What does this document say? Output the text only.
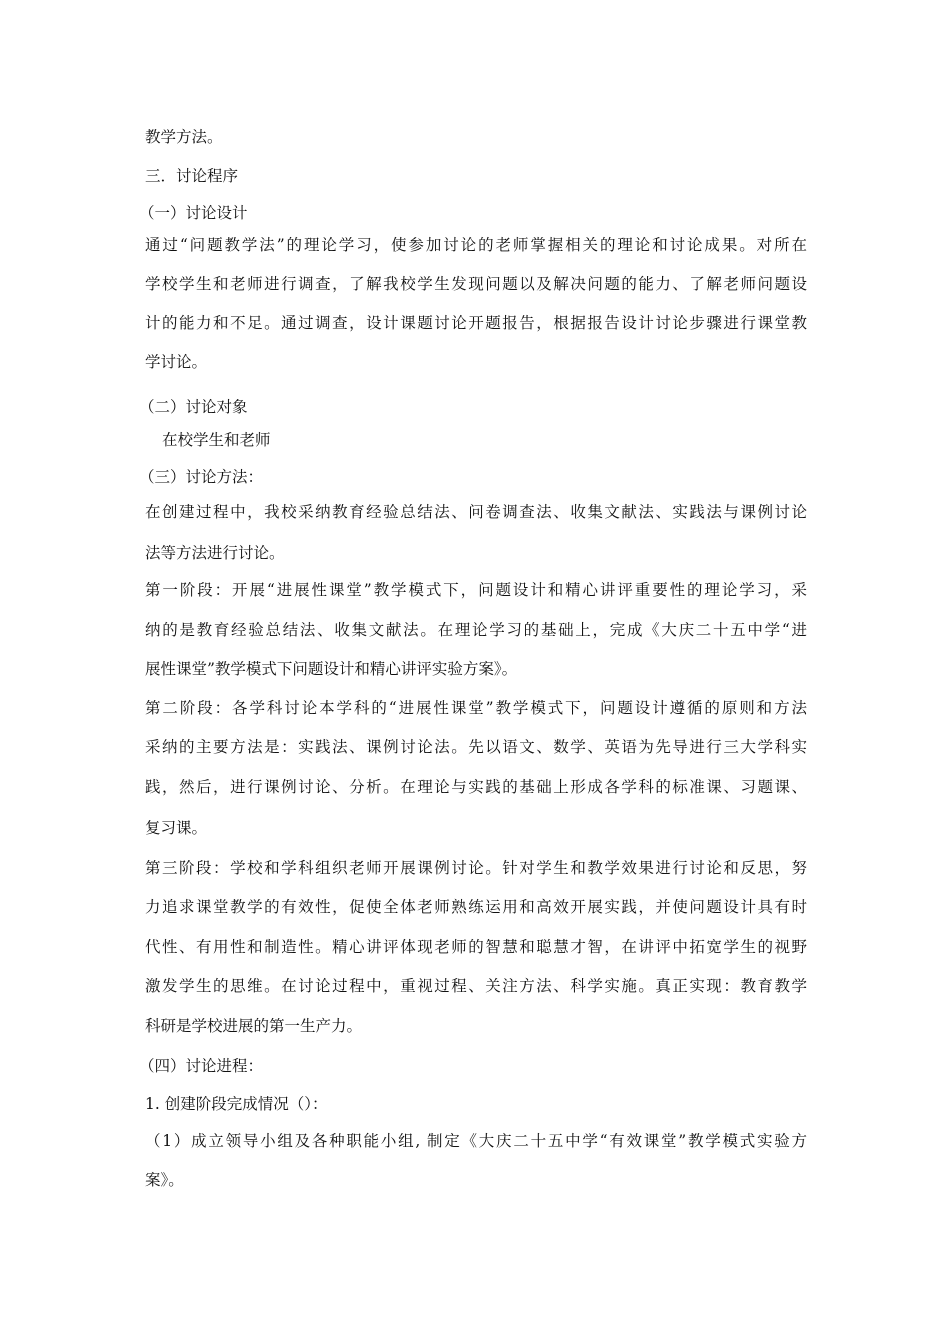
教学方法。

三．讨论程序

（一）讨论设计

通过“问题教学法”的理论学习，使参加讨论的老师掌握相关的理论和讨论成果。对所在

学校学生和老师进行调查，了解我校学生发现问题以及解决问题的能力、了解老师问题设

计的能力和不足。通过调查，设计课题讨论开题报告，根据报告设计讨论步骤进行课堂教

学讨论。

（二）讨论对象

在校学生和老师

（三）讨论方法：

在创建过程中，我校采纳教育经验总结法、问卷调查法、收集文献法、实践法与课例讨论

法等方法进行讨论。

第一阶段：开展“进展性课堂”教学模式下，问题设计和精心讲评重要性的理论学习，采

纳的是教育经验总结法、收集文献法。在理论学习的基础上，完成《大庆二十五中学“进

展性课堂”教学模式下问题设计和精心讲评实验方案》。

第二阶段：各学科讨论本学科的“进展性课堂”教学模式下，问题设计遵循的原则和方法

采纳的主要方法是：实践法、课例讨论法。先以语文、数学、英语为先导进行三大学科实

践，然后，进行课例讨论、分析。在理论与实践的基础上形成各学科的标准课、习题课、

复习课。

第三阶段：学校和学科组织老师开展课例讨论。针对学生和教学效果进行讨论和反思，努

力追求课堂教学的有效性，促使全体老师熟练运用和高效开展实践，并使问题设计具有时

代性、有用性和制造性。精心讲评体现老师的智慧和聪慧才智，在讲评中拓宽学生的视野

激发学生的思维。在讨论过程中，重视过程、关注方法、科学实施。真正实现：教育教学

科研是学校进展的第一生产力。

（四）讨论进程：

1. 创建阶段完成情况（）：

（1）成立领导小组及各种职能小组, 制定《大庆二十五中学“有效课堂”教学模式实验方

案》。
